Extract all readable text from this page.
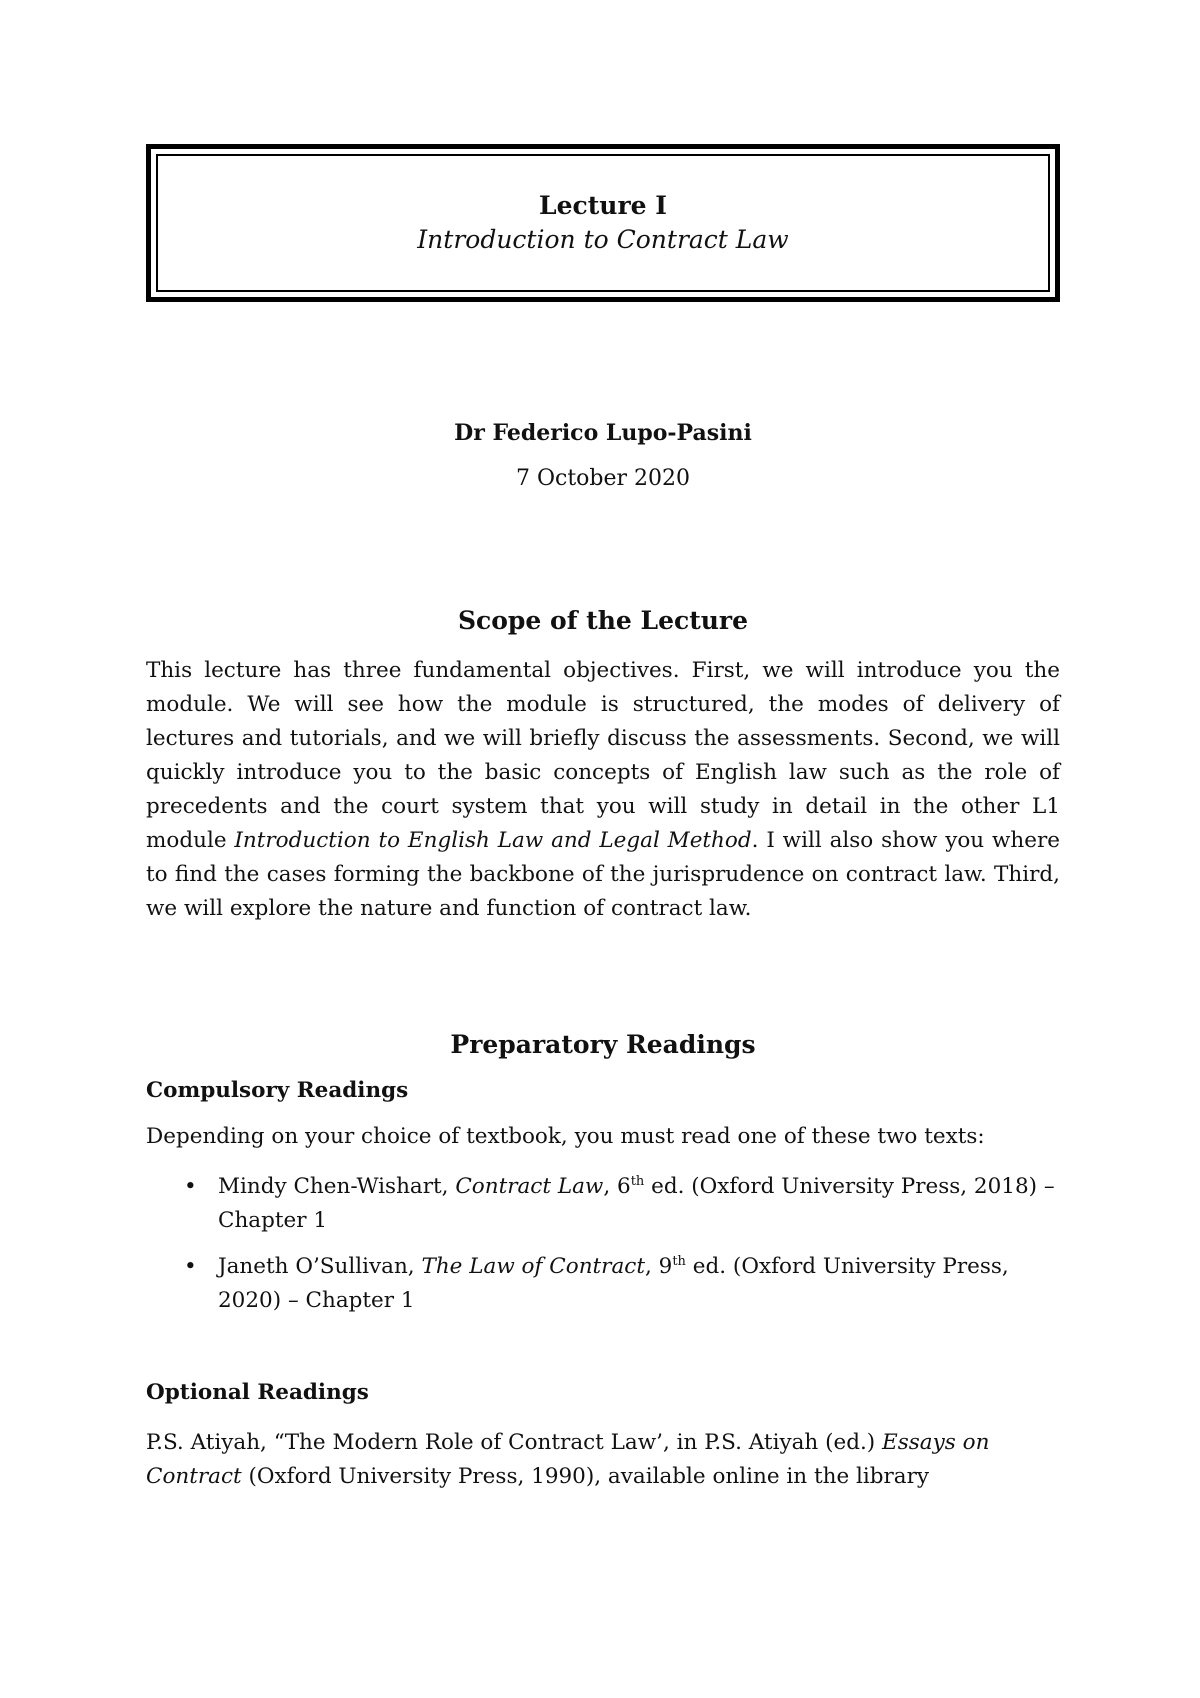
Lecture I
Introduction to Contract Law
Dr Federico Lupo-Pasini
7 October 2020
Scope of the Lecture
This lecture has three fundamental objectives. First, we will introduce you the module. We will see how the module is structured, the modes of delivery of lectures and tutorials, and we will briefly discuss the assessments. Second, we will quickly introduce you to the basic concepts of English law such as the role of precedents and the court system that you will study in detail in the other L1 module Introduction to English Law and Legal Method. I will also show you where to find the cases forming the backbone of the jurisprudence on contract law. Third, we will explore the nature and function of contract law.
Preparatory Readings
Compulsory Readings
Depending on your choice of textbook, you must read one of these two texts:
• Mindy Chen-Wishart, Contract Law, 6th ed. (Oxford University Press, 2018) – Chapter 1
• Janeth O’Sullivan, The Law of Contract, 9th ed. (Oxford University Press, 2020) – Chapter 1
Optional Readings
P.S. Atiyah, “The Modern Role of Contract Law’, in P.S. Atiyah (ed.) Essays on Contract (Oxford University Press, 1990), available online in the library
